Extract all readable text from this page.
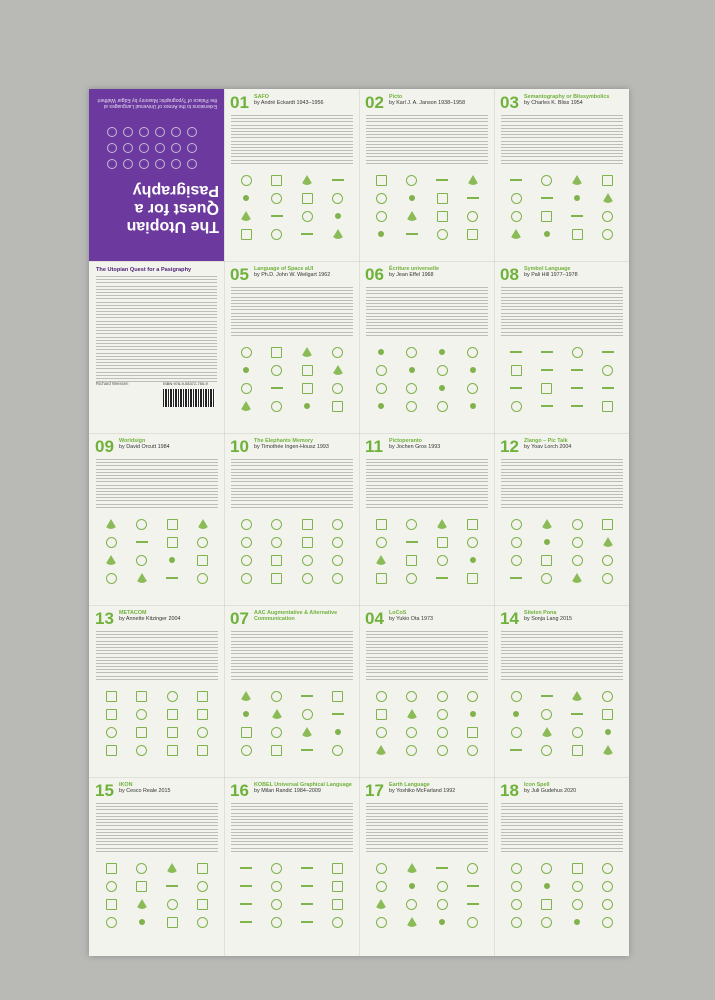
Extensions to the Annex of Universal Languages at the Palace of Typographic Masonry by Edgar Walthert
The Utopian Quest for a Pasigraphy
The Utopian Quest for a Pasigraphy
Richard Weissen	ISBN 978-9-08372-750-9
01 SAFO
by André Eckardt 1943–1956	02 Picto
by Karl J. A. Janson 1938–1958	03 Semantography or Blissymbolics
by Charles K. Bliss 1954
05 Language of Space aUI
by Ph.D. John W. Weilgart 1962	06 Écriture universelle
by Jean Effel 1968	08 Symbol Language
by Pali Hill 1977–1978
09 Worldsign
by David Orcutt 1984	10 The Elephants Memory
by Timothée Ingen-Housz 1993	11 Pictoperanto
by Jochen Gros 1993	12 Zlango – Pic Talk
by Yoav Lorch 2004
13 METACOM
by Annette Kitzinger 2004	07 AAC Augmentative & Alternative Communication	04 LoCoS
by Yukio Ota 1973	14 Sitelen Pona
by Sonja Lang 2015
15 IKON
by Cesco Reale 2015	16 KOBEL Universal Graphical Language
by Milan Randić 1984–2009	17 Earth Language
by Yoshiko McFarland 1992	18 Icon Spell
by Juli Gudehus 2020
